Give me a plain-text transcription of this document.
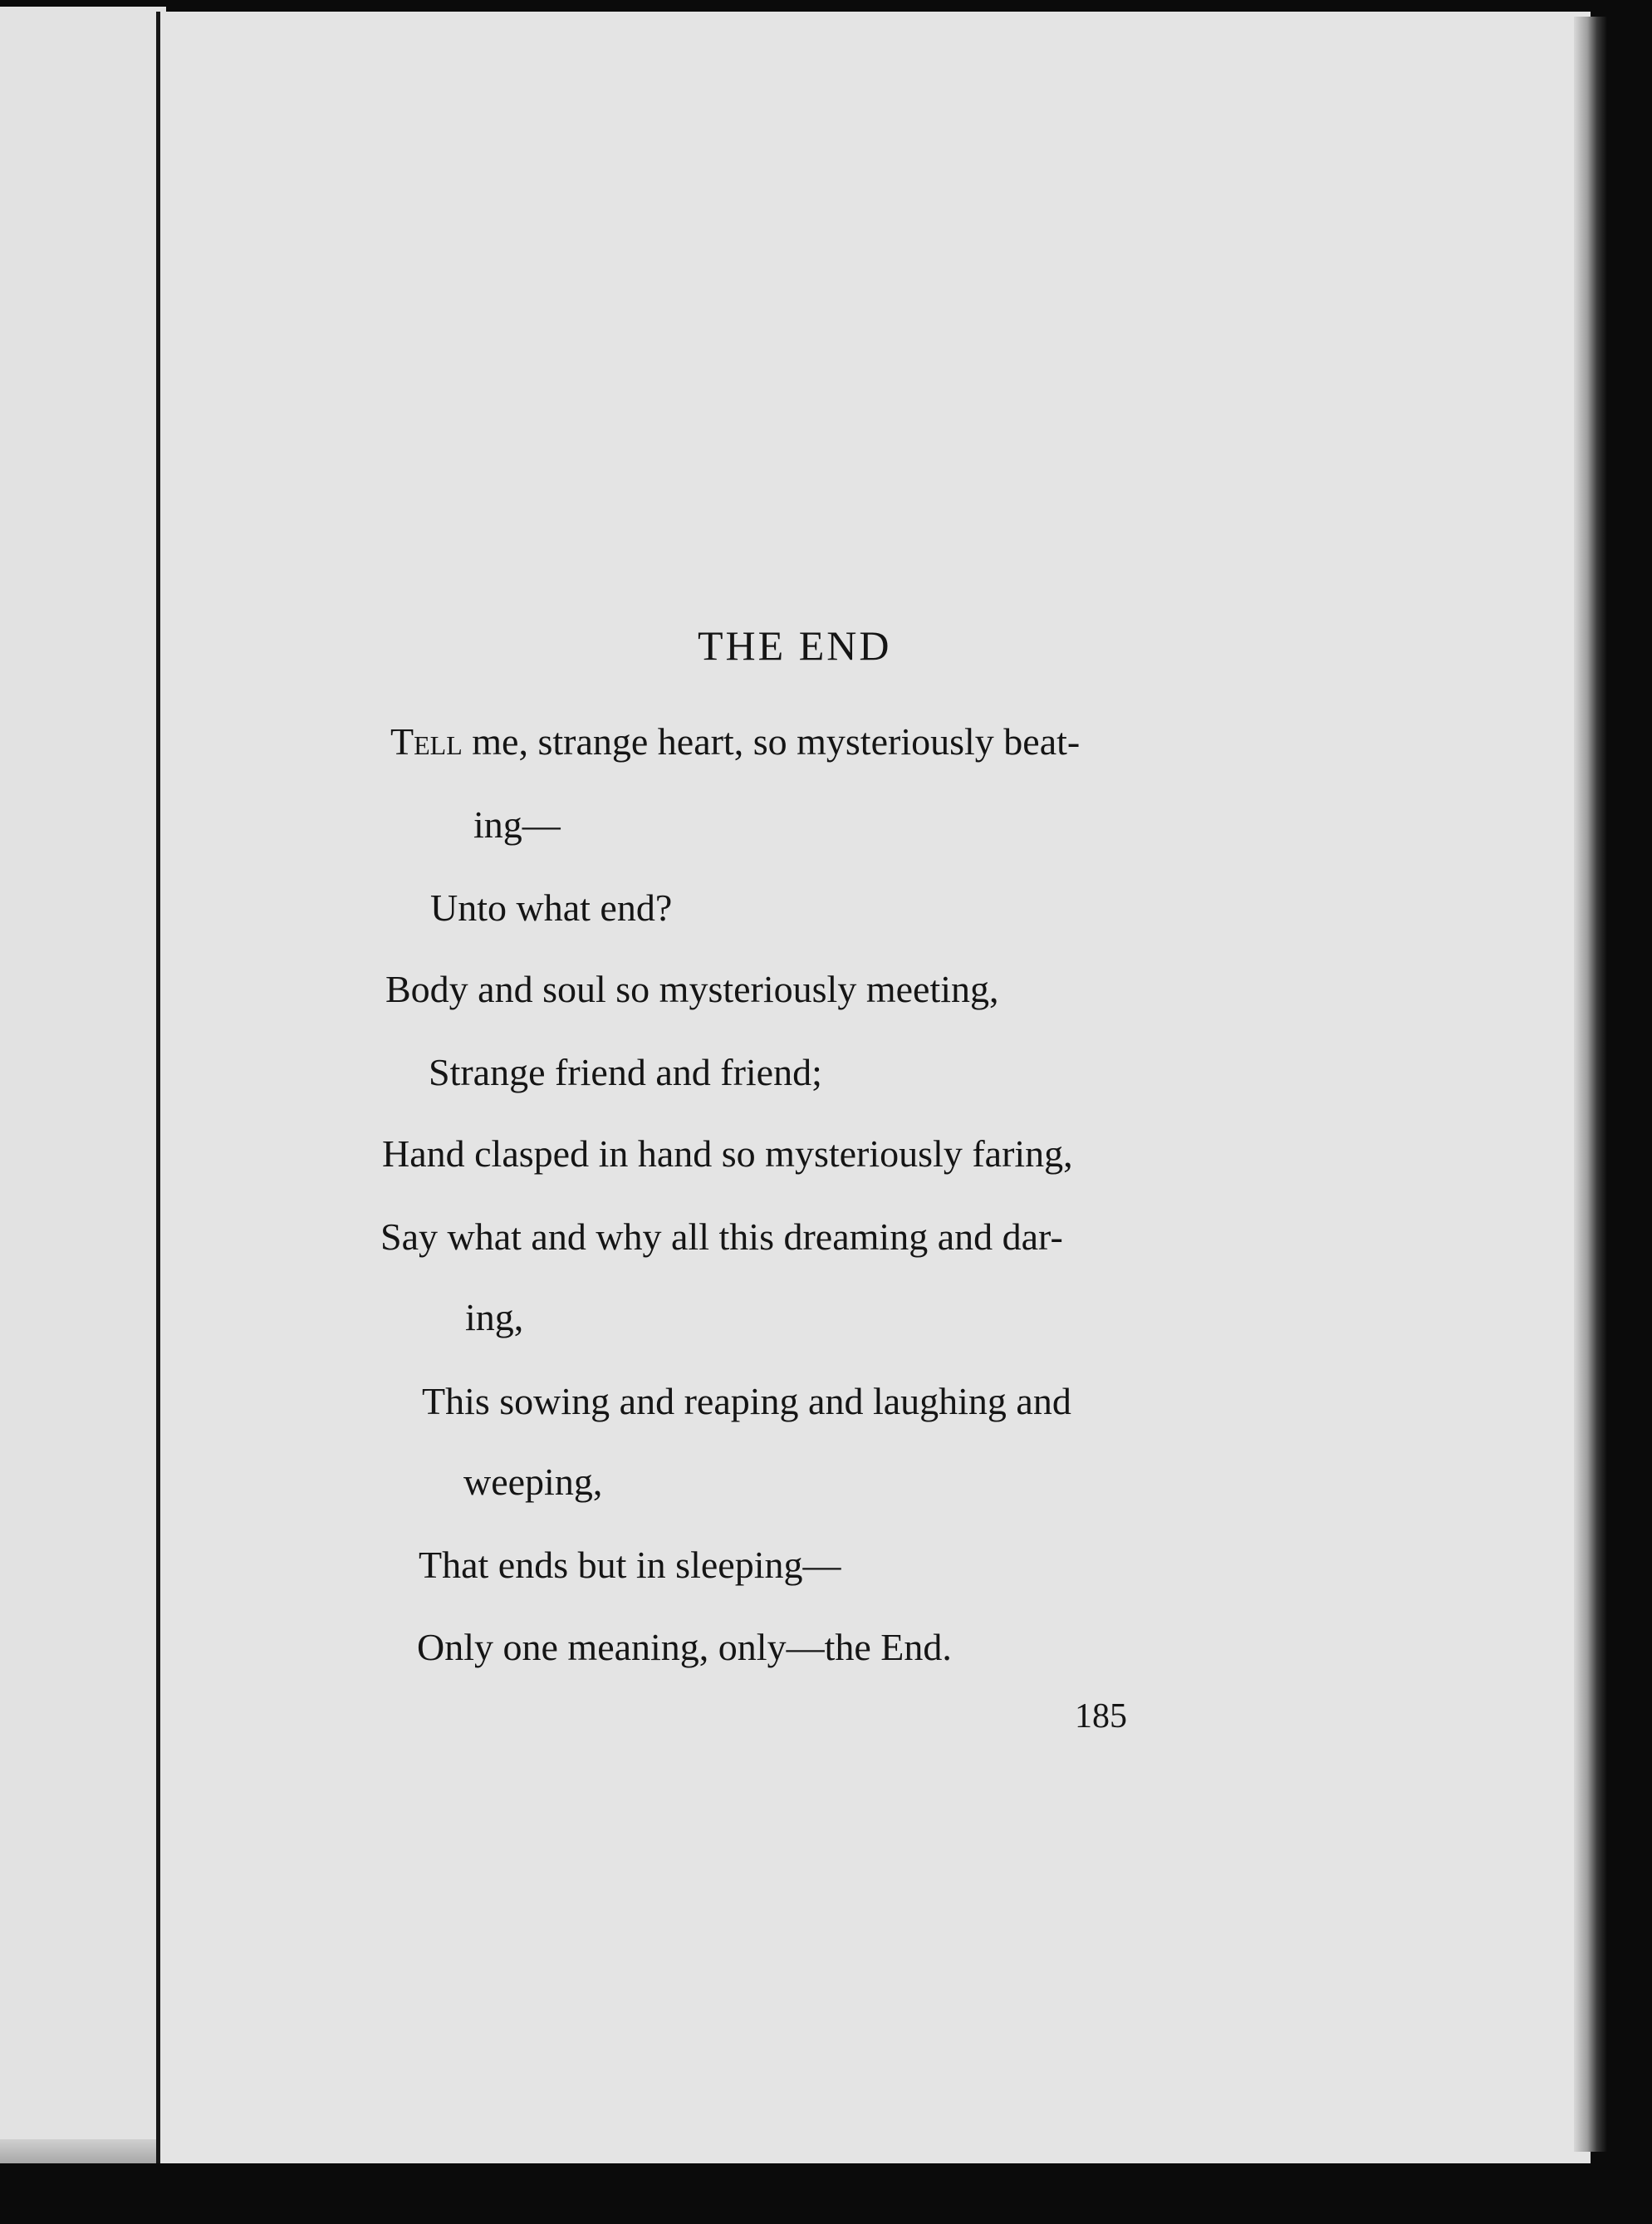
THE END
Tell me, strange heart, so mysteriously beat-
ing—
Unto what end?
Body and soul so mysteriously meeting,
Strange friend and friend;
Hand clasped in hand so mysteriously faring,
Say what and why all this dreaming and dar-
ing,
This sowing and reaping and laughing and
weeping,
That ends but in sleeping—
Only one meaning, only—the End.
185
